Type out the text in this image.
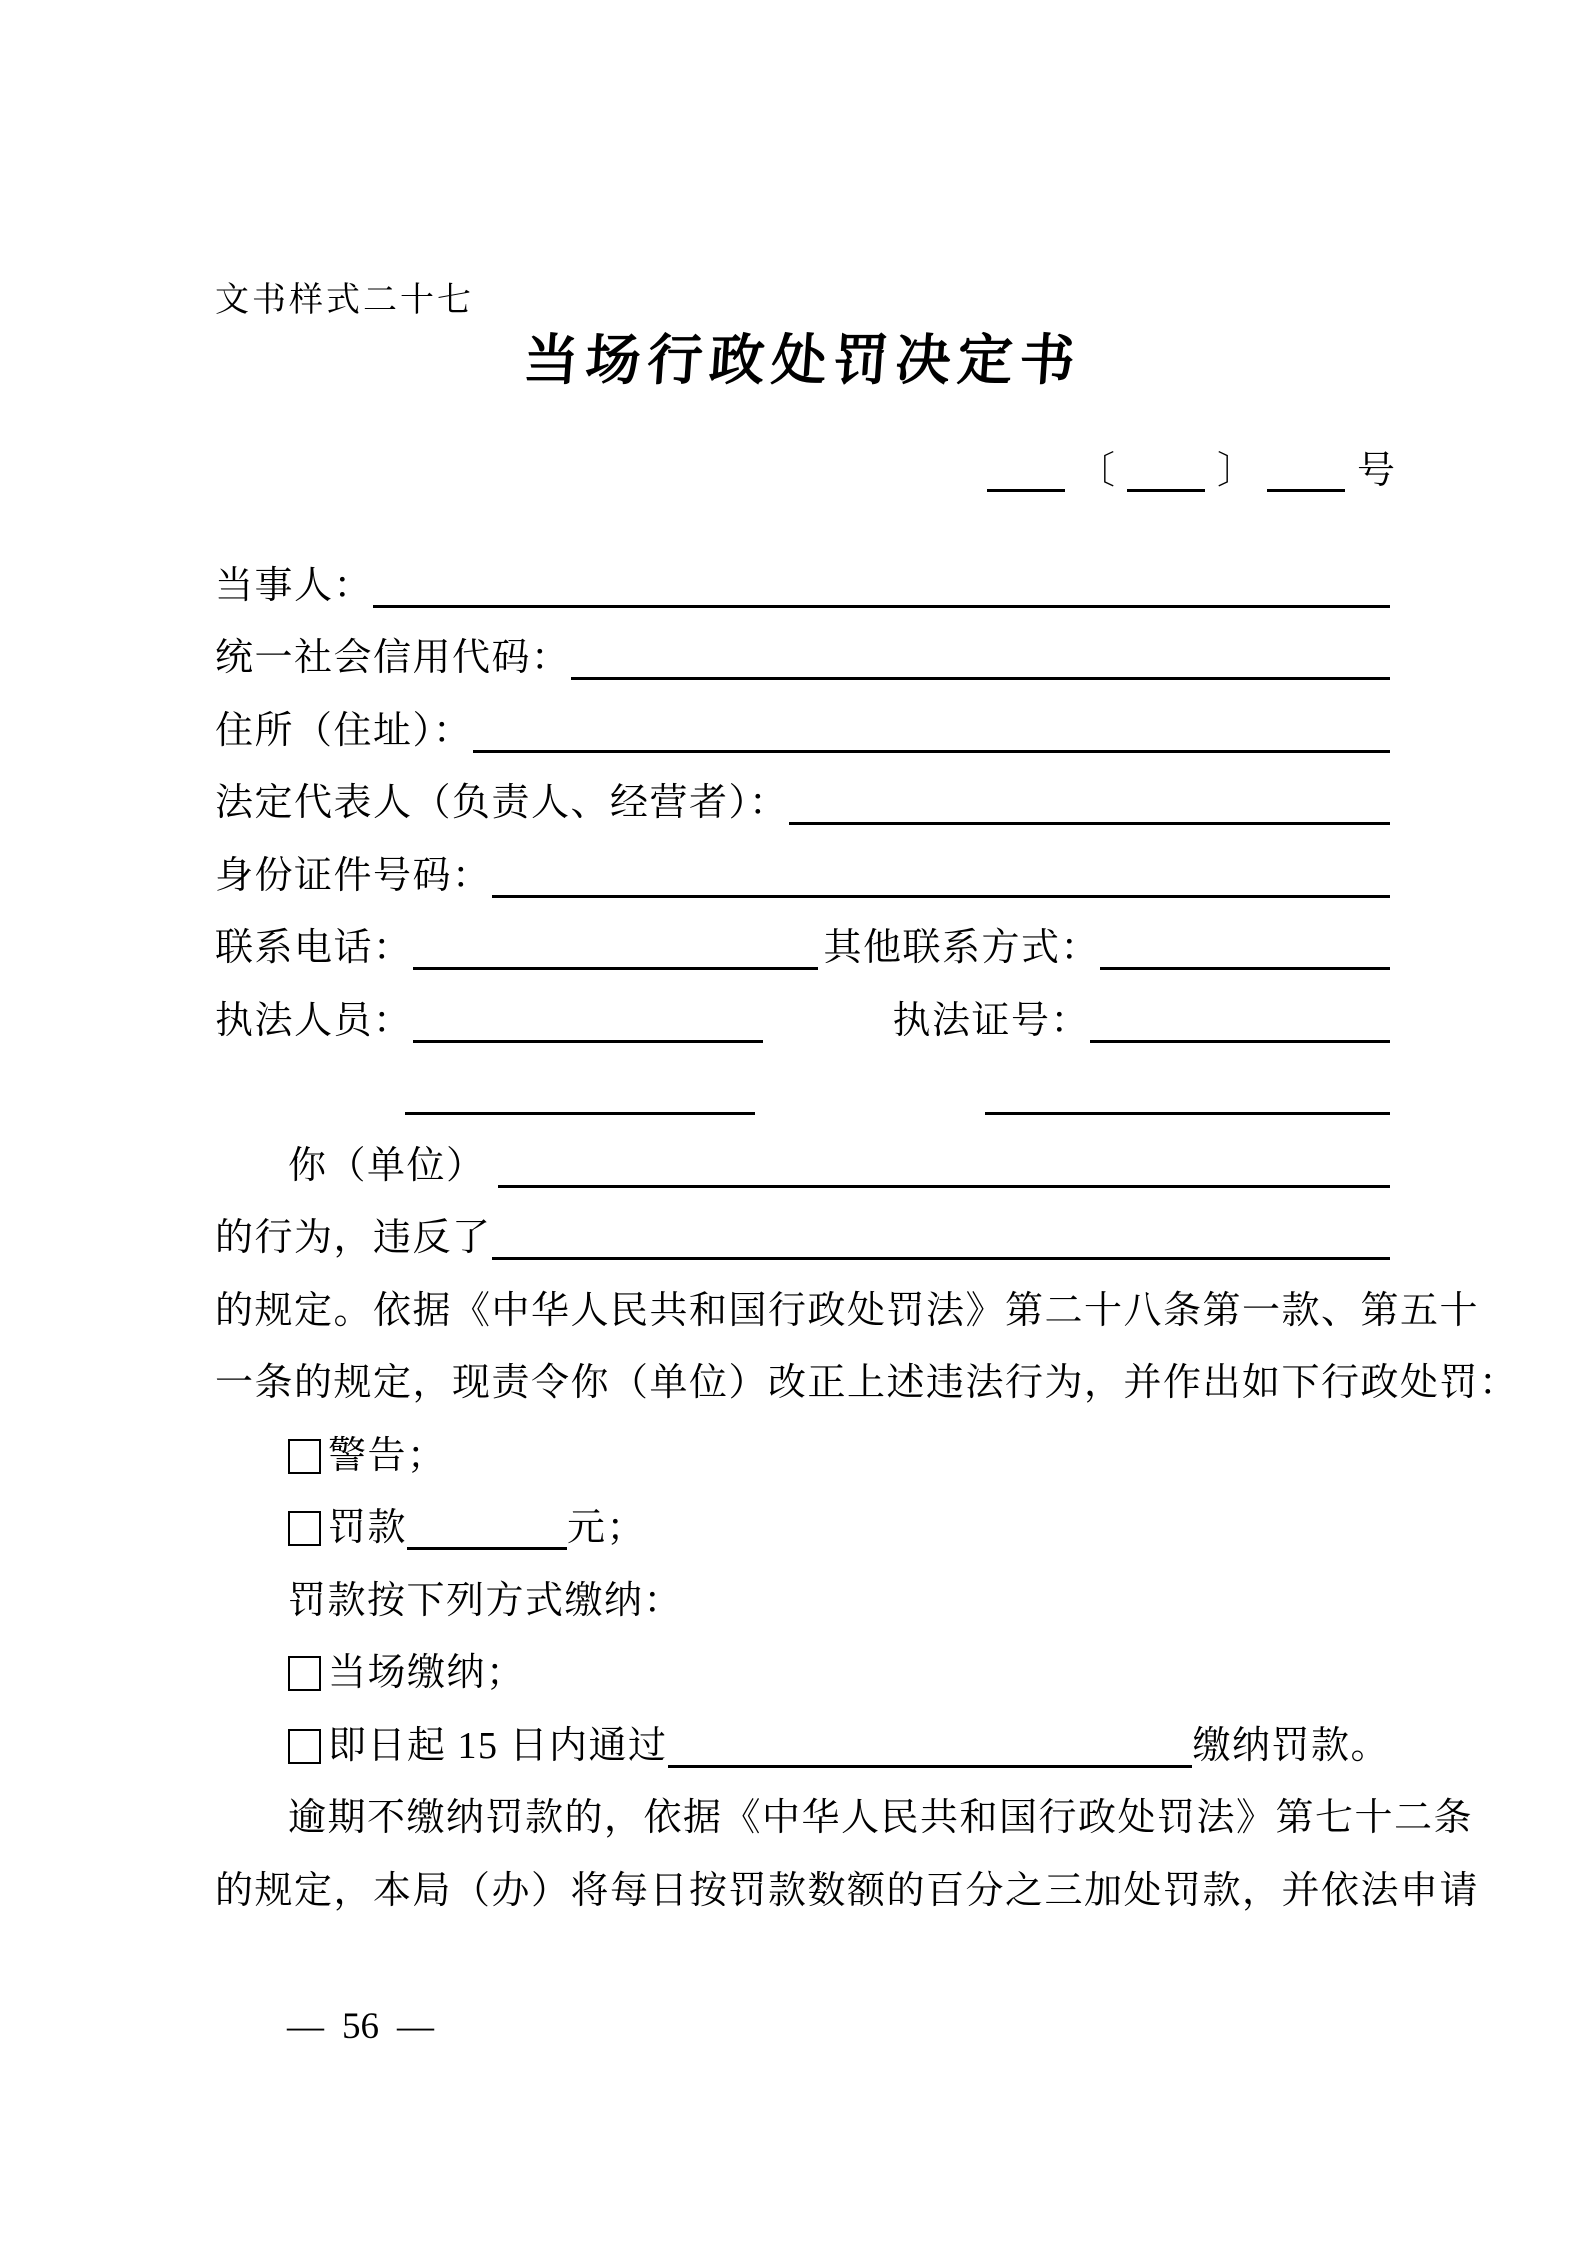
文书样式二十七
当场行政处罚决定书
〔	〕	号
当事人：
统一社会信用代码：
住所（住址）：
法定代表人（负责人、经营者）：
身份证件号码：
联系电话：	其他联系方式：
执法人员：	执法证号：
你（单位）
的行为，违反了
的规定。依据《中华人民共和国行政处罚法》第二十八条第一款、第五十
一条的规定，现责令你（单位）改正上述违法行为，并作出如下行政处罚：
警告；
罚款	元；
罚款按下列方式缴纳：
当场缴纳；
即日起 15 日内通过	缴纳罚款。
逾期不缴纳罚款的，依据《中华人民共和国行政处罚法》第七十二条
的规定，本局（办）将每日按罚款数额的百分之三加处罚款，并依法申请
— 56 —
